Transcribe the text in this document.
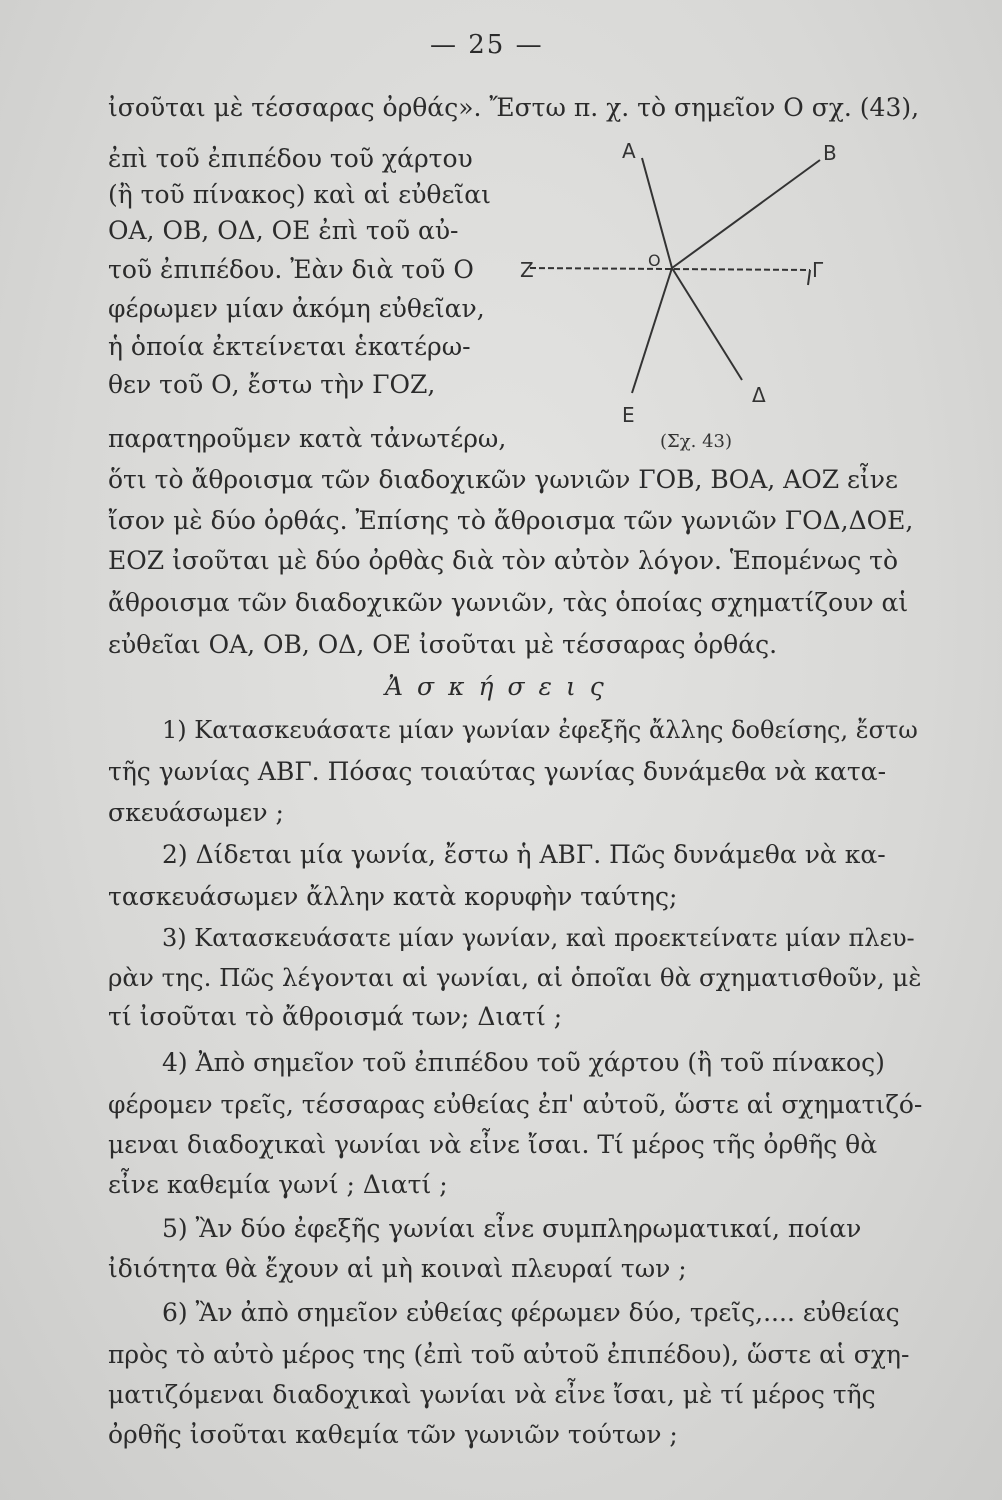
— 25 —
ἰσοῦται μὲ τέσσαρας ὀρθάς». Ἔστω π. χ. τὸ σημεῖον Ο σχ. (43),
ἐπὶ τοῦ ἐπιπέδου τοῦ χάρτου
(ἢ τοῦ πίνακος) καὶ αἱ εὐθεῖαι
ΟΑ, ΟΒ, ΟΔ, ΟΕ ἐπὶ τοῦ αὐ-
τοῦ ἐπιπέδου. Ἐὰν διὰ τοῦ Ο
φέρωμεν μίαν ἀκόμη εὐθεῖαν,
ἡ ὁποία ἐκτείνεται ἑκατέρω-
θεν τοῦ Ο, ἔστω τὴν ΓΟΖ,
παρατηροῦμεν κατὰ τἀνωτέρω,
ὅτι τὸ ἄθροισμα τῶν διαδοχικῶν γωνιῶν ΓΟΒ, ΒΟΑ, ΑΟΖ εἶνε
ἴσον μὲ δύο ὀρθάς. Ἐπίσης τὸ ἄθροισμα τῶν γωνιῶν ΓΟΔ,ΔΟΕ,
ΕΟΖ ἰσοῦται μὲ δύο ὀρθὰς διὰ τὸν αὐτὸν λόγον. Ἑπομένως τὸ
ἄθροισμα τῶν διαδοχικῶν γωνιῶν, τὰς ὁποίας σχηματίζουν αἱ
εὐθεῖαι ΟΑ, ΟΒ, ΟΔ, ΟΕ ἰσοῦται μὲ τέσσαρας ὀρθάς.
A	B
O
Z	Γ
E
Δ
(Σχ. 43)
Ἀσκήσεις
1) Κατασκευάσατε μίαν γωνίαν ἐφεξῆς ἄλλης δοθείσης, ἔστω
τῆς γωνίας ΑΒΓ. Πόσας τοιαύτας γωνίας δυνάμεθα νὰ κατα-
σκευάσωμεν ;
2) Δίδεται μία γωνία, ἔστω ἡ ΑΒΓ. Πῶς δυνάμεθα νὰ κα-
τασκευάσωμεν ἄλλην κατὰ κορυφὴν ταύτης;
3) Κατασκευάσατε μίαν γωνίαν, καὶ προεκτείνατε μίαν πλευ-
ρὰν της. Πῶς λέγονται αἱ γωνίαι, αἱ ὁποῖαι θὰ σχηματισθοῦν, μὲ
τί ἰσοῦται τὸ ἄθροισμά των; Διατί ;
4) Ἀπὸ σημεῖον τοῦ ἐπιπέδου τοῦ χάρτου (ἢ τοῦ πίνακος)
φέρομεν τρεῖς, τέσσαρας εὐθείας ἐπ' αὐτοῦ, ὥστε αἱ σχηματιζό-
μεναι διαδοχικαὶ γωνίαι νὰ εἶνε ἴσαι. Τί μέρος τῆς ὀρθῆς θὰ
εἶνε καθεμία γωνί ; Διατί ;
5) Ἂν δύο ἐφεξῆς γωνίαι εἶνε συμπληρωματικαί, ποίαν
ἰδιότητα θὰ ἔχουν αἱ μὴ κοιναὶ πλευραί των ;
6) Ἂν ἀπὸ σημεῖον εὐθείας φέρωμεν δύο, τρεῖς,.... εὐθείας
πρὸς τὸ αὐτὸ μέρος της (ἐπὶ τοῦ αὐτοῦ ἐπιπέδου), ὥστε αἱ σχη-
ματιζόμεναι διαδοχικαὶ γωνίαι νὰ εἶνε ἴσαι, μὲ τί μέρος τῆς
ὀρθῆς ἰσοῦται καθεμία τῶν γωνιῶν τούτων ;
